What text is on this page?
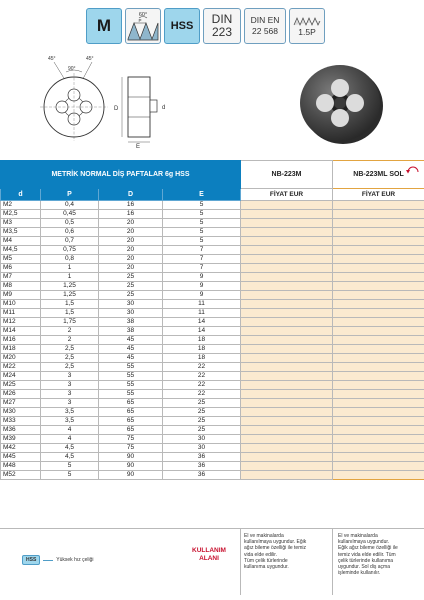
M
60°
P	HSS DIN
223
DIN EN
22 568 1.5P
45°	45°
90°
D	d
E
METRİK NORMAL DİŞ PAFTALAR 6g HSS				NB-223M	NB-223ML SOL

d	P	D	E	FİYAT EUR	FİYAT EUR
M2	0,4	16	5		
M2,5	0,45	16	5		
M3	0,5	20	5		
M3,5	0,6	20	5		
M4	0,7	20	5		
M4,5	0,75	20	7		
M5	0,8	20	7		
M6	1	20	7		
M7	1	25	9		
M8	1,25	25	9		
M9	1,25	25	9		
M10	1,5	30	11		
M11	1,5	30	11		
M12	1,75	38	14		
M14	2	38	14		
M16	2	45	18		
M18	2,5	45	18		
M20	2,5	45	18		
M22	2,5	55	22		
M24	3	55	22		
M25	3	55	22		
M26	3	55	22		
M27	3	65	25		
M30	3,5	65	25		
M33	3,5	65	25		
M36	4	65	25		
M39	4	75	30		
M42	4,5	75	30		
M45	4,5	90	36		
M48	5	90	36		
M52	5	90	36		
HSS	Yüksek hız çeliği
KULLANIM
ALANI
El ve makinalarda
kullanılmaya uygundur. Eğik
ağız bileme özelliği ile temiz
vida elde edilir.
Tüm çelik türlerinde
kullanıma uygundur.
El ve makinalarda
kullanılmaya uygundur.
Eğik ağız bileme özelliği ile
temiz vida elde edilir. Tüm
çelik türlerinde kullanıma
uygundur. Sol diş açma
işleminde kullanılır.
